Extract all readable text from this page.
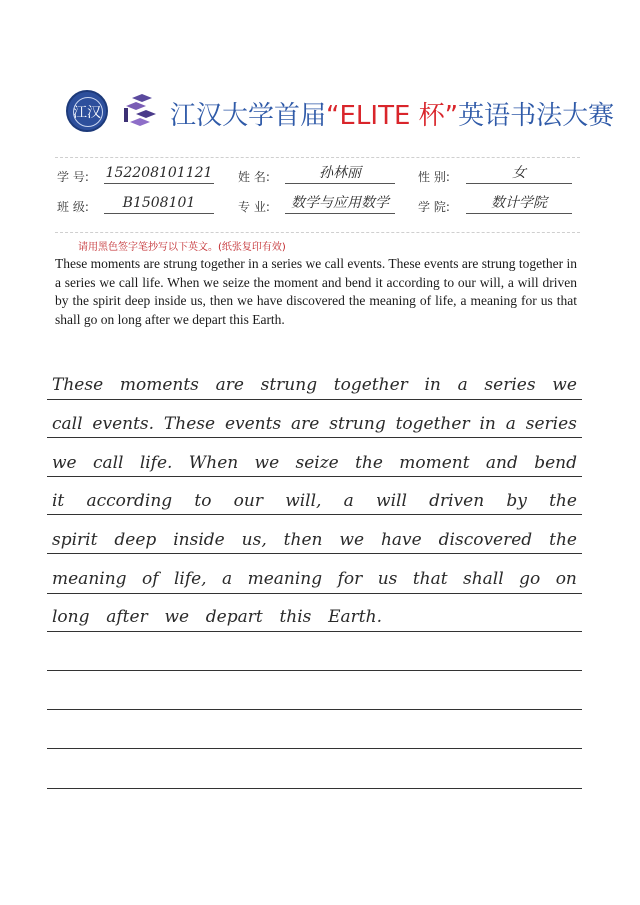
江汉	江汉大学首届“ELITE 杯”英语书法大赛
学 号: 152208101121 姓 名:	孙林丽	性 别:	女
班 级:	B1508101	专 业:	数学与应用数学	学 院:	数计学院
请用黑色签字笔抄写以下英文。(纸张复印有效)
These moments are strung together in a series we call events. These events are strung together in a series we call life. When we seize the moment and bend it according to our will, a will driven by the spirit deep inside us, then we have discovered the meaning of life, a meaning for us that shall go on long after we depart this Earth.
These moments are strung together in a series we
call events. These events are strung together in a series
we call life. When we seize the moment and bend
it according to our will, a will driven by the
spirit deep inside us, then we have discovered the
meaning of life, a meaning for us that shall go on
long after we depart this Earth.
